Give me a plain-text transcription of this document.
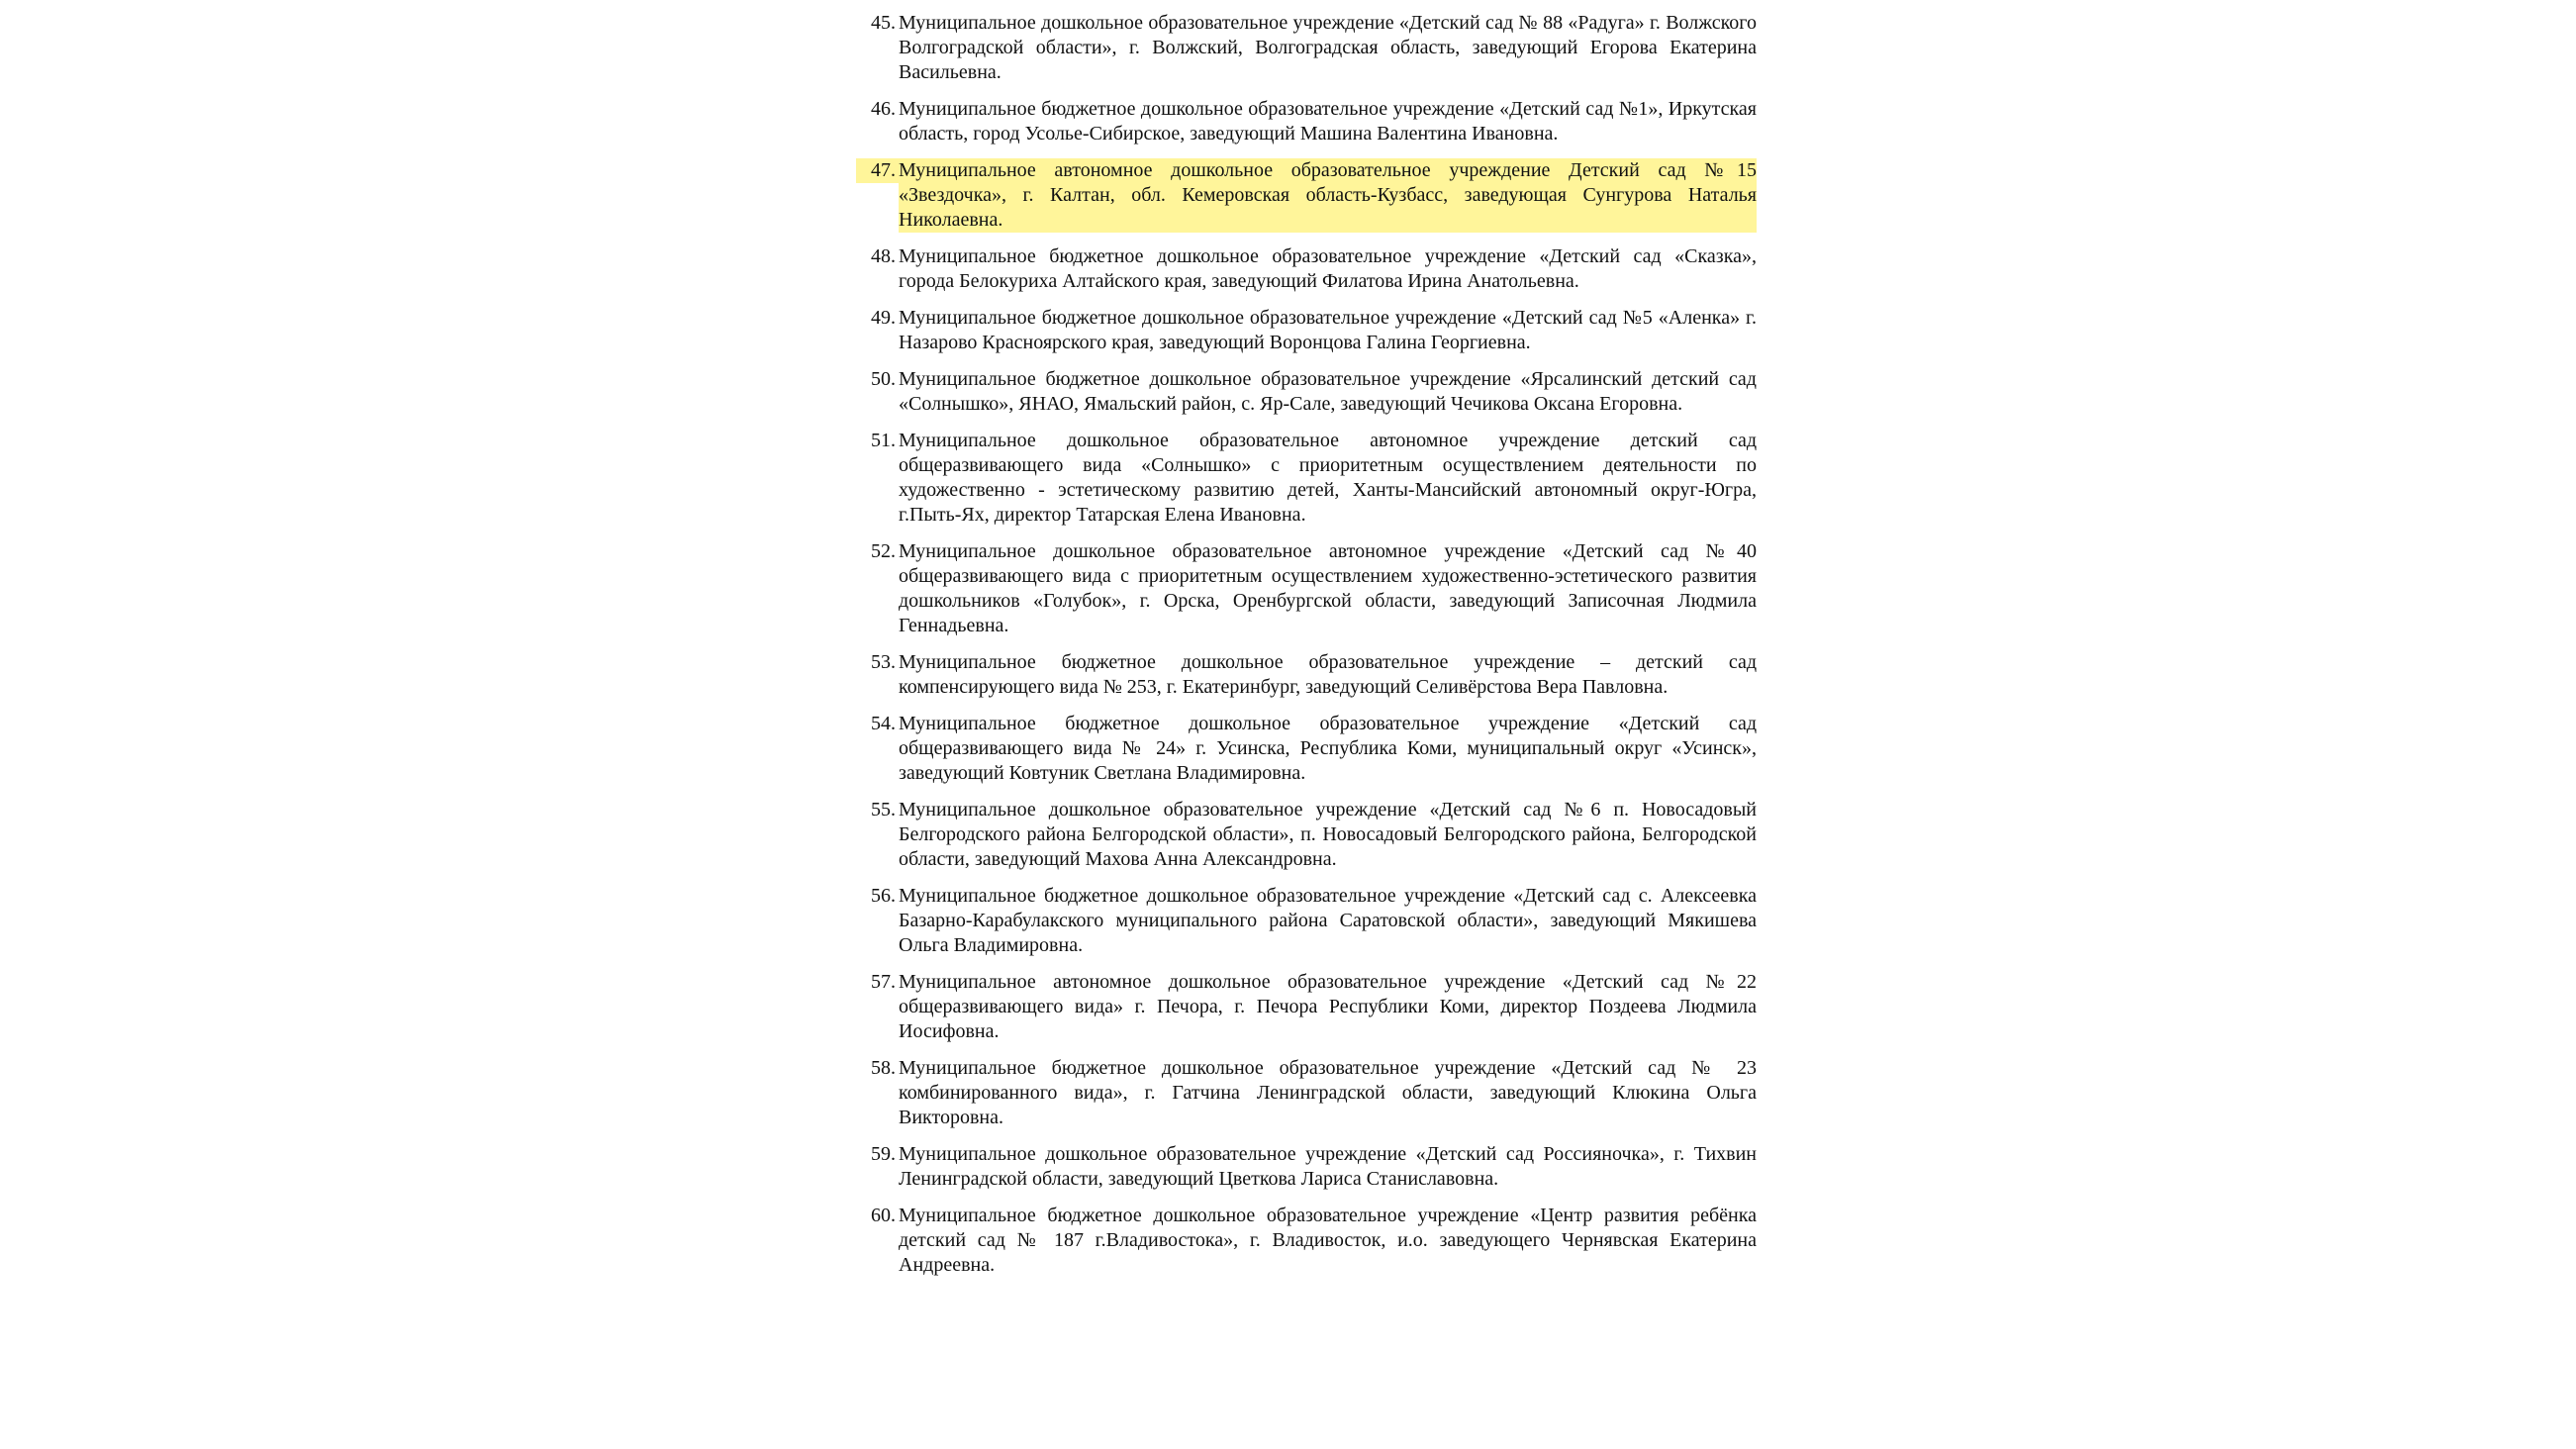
45. Муниципальное дошкольное образовательное учреждение «Детский сад № 88 «Радуга» г. Волжского Волгоградской области», г. Волжский, Волгоградская область, заведующий Егорова Екатерина Васильевна.
46. Муниципальное бюджетное дошкольное образовательное учреждение «Детский сад №1», Иркутская область, город Усолье-Сибирское, заведующий Машина Валентина Ивановна.
47. Муниципальное автономное дошкольное образовательное учреждение Детский сад №15 «Звездочка», г. Калтан, обл. Кемеровская область-Кузбасс, заведующая Сунгурова Наталья Николаевна.
48. Муниципальное бюджетное дошкольное образовательное учреждение «Детский сад «Сказка», города Белокуриха Алтайского края, заведующий Филатова Ирина Анатольевна.
49. Муниципальное бюджетное дошкольное образовательное учреждение «Детский сад №5 «Аленка» г. Назарово Красноярского края, заведующий Воронцова Галина Георгиевна.
50. Муниципальное бюджетное дошкольное образовательное учреждение «Ярсалинский детский сад «Солнышко», ЯНАО, Ямальский район, с. Яр-Сале, заведующий Чечикова Оксана Егоровна.
51. Муниципальное дошкольное образовательное автономное учреждение детский сад общеразвивающего вида «Солнышко» с приоритетным осуществлением деятельности по художественно - эстетическому развитию детей, Ханты-Мансийский автономный округ-Югра, г.Пыть-Ях, директор Татарская Елена Ивановна.
52. Муниципальное дошкольное образовательное автономное учреждение «Детский сад №40 общеразвивающего вида с приоритетным осуществлением художественно-эстетического развития дошкольников «Голубок», г. Орска, Оренбургской области, заведующий Записочная Людмила Геннадьевна.
53. Муниципальное бюджетное дошкольное образовательное учреждение – детский сад компенсирующего вида № 253, г. Екатеринбург, заведующий Селивёрстова Вера Павловна.
54. Муниципальное бюджетное дошкольное образовательное учреждение «Детский сад общеразвивающего вида № 24» г. Усинска, Республика Коми, муниципальный округ «Усинск», заведующий Ковтуник Светлана Владимировна.
55. Муниципальное дошкольное образовательное учреждение «Детский сад №6 п. Новосадовый Белгородского района Белгородской области», п. Новосадовый Белгородского района, Белгородской области, заведующий Махова Анна Александровна.
56. Муниципальное бюджетное дошкольное образовательное учреждение «Детский сад с. Алексеевка Базарно-Карабулакского муниципального района Саратовской области», заведующий Мякишева Ольга Владимировна.
57. Муниципальное автономное дошкольное образовательное учреждение «Детский сад №22 общеразвивающего вида» г. Печора, г. Печора Республики Коми, директор Поздеева Людмила Иосифовна.
58. Муниципальное бюджетное дошкольное образовательное учреждение «Детский сад № 23 комбинированного вида», г. Гатчина Ленинградской области, заведующий Клюкина Ольга Викторовна.
59. Муниципальное дошкольное образовательное учреждение «Детский сад Россияночка», г. Тихвин Ленинградской области, заведующий Цветкова Лариса Станиславовна.
60. Муниципальное бюджетное дошкольное образовательное учреждение «Центр развития ребёнка детский сад № 187 г.Владивостока», г. Владивосток, и.о. заведующего Чернявская Екатерина Андреевна.
